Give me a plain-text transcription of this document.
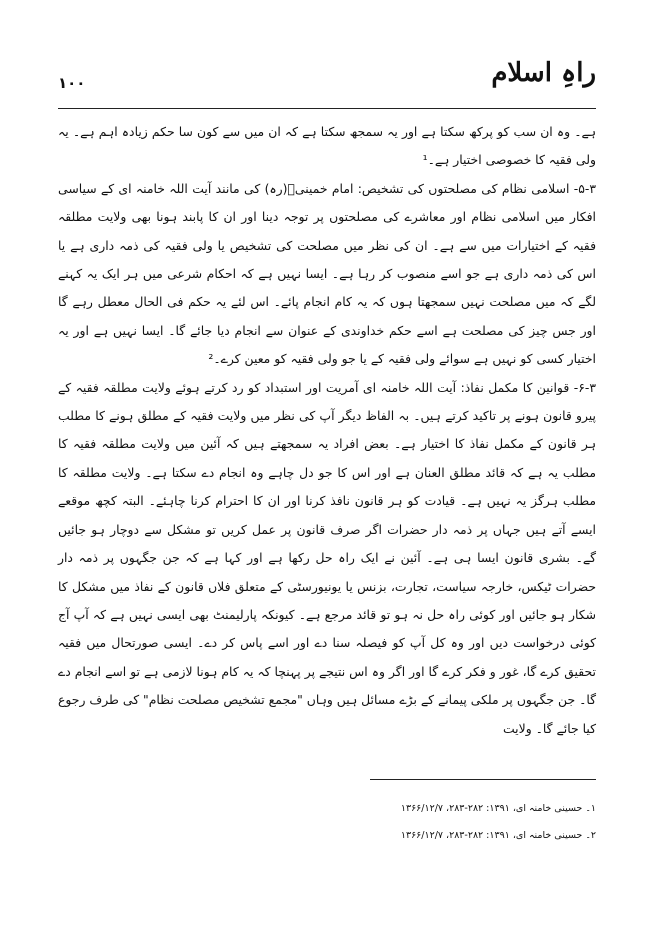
۱۰۰	راہِ اسلام

ہے۔ وہ ان سب کو پرکھ سکتا ہے اور یہ سمجھ سکتا ہے کہ ان میں سے کون سا حکم زیادہ اہم ہے۔ یہ ولی فقیہ کا خصوصی اختیار ہے۔¹

۵-۳- اسلامی نظام کی مصلحتوں کی تشخیص: امام خمینیؒ(رہ) کی مانند آیت اللہ خامنہ ای کے سیاسی افکار میں اسلامی نظام اور معاشرے کی مصلحتوں پر توجہ دینا اور ان کا پابند ہونا بھی ولایت مطلقہ فقیہ کے اختیارات میں سے ہے۔ ان کی نظر میں مصلحت کی تشخیص یا ولی فقیہ کی ذمہ داری ہے یا اس کی ذمہ داری ہے جو اسے منصوب کر رہا ہے۔ ایسا نہیں ہے کہ احکام شرعی میں ہر ایک یہ کہنے لگے کہ میں مصلحت نہیں سمجھتا ہوں کہ یہ کام انجام پائے۔ اس لئے یہ حکم فی الحال معطل رہے گا اور جس چیز کی مصلحت ہے اسے حکم خداوندی کے عنوان سے انجام دیا جائے گا۔ ایسا نہیں ہے اور یہ اختیار کسی کو نہیں ہے سوائے ولی فقیہ کے یا جو ولی فقیہ کو معین کرے۔²

۶-۳- قوانین کا مکمل نفاذ: آیت اللہ خامنہ ای آمریت اور استبداد کو رد کرتے ہوئے ولایت مطلقہ فقیہ کے پیرو قانون ہونے پر تاکید کرتے ہیں۔ بہ الفاظ دیگر آپ کی نظر میں ولایت فقیہ کے مطلق ہونے کا مطلب ہر قانون کے مکمل نفاذ کا اختیار ہے۔ بعض افراد یہ سمجھتے ہیں کہ آئین میں ولایت مطلقہ فقیہ کا مطلب یہ ہے کہ قائد مطلق العنان ہے اور اس کا جو دل چاہے وہ انجام دے سکتا ہے۔ ولایت مطلقہ کا مطلب ہرگز یہ نہیں ہے۔ قیادت کو ہر قانون نافذ کرنا اور ان کا احترام کرنا چاہئے۔ البتہ کچھ موقعے ایسے آتے ہیں جہاں پر ذمہ دار حضرات اگر صرف قانون پر عمل کریں تو مشکل سے دوچار ہو جائیں گے۔ بشری قانون ایسا ہی ہے۔ آئین نے ایک راہ حل رکھا ہے اور کہا ہے کہ جن جگہوں پر ذمہ دار حضرات ٹیکس، خارجہ سیاست، تجارت، بزنس یا یونیورسٹی کے متعلق فلاں قانون کے نفاذ میں مشکل کا شکار ہو جائیں اور کوئی راہ حل نہ ہو تو قائد مرجع ہے۔ کیونکہ پارلیمنٹ بھی ایسی نہیں ہے کہ آپ آج کوئی درخواست دیں اور وہ کل آپ کو فیصلہ سنا دے اور اسے پاس کر دے۔ ایسی صورتحال میں فقیہ تحقیق کرے گا، غور و فکر کرے گا اور اگر وہ اس نتیجے پر پہنچا کہ یہ کام ہونا لازمی ہے تو اسے انجام دے گا۔ جن جگہوں پر ملکی پیمانے کے بڑے مسائل ہیں وہاں "مجمع تشخیص مصلحت نظام" کی طرف رجوع کیا جائے گا۔ ولایت

۱۔ حسینی خامنہ ای، ۱۳۹۱: ۲۸۲-۲۸۳، ۱۳۶۶/۱۲/۷

۲۔ حسینی خامنہ ای، ۱۳۹۱: ۲۸۲-۲۸۳، ۱۳۶۶/۱۲/۷
